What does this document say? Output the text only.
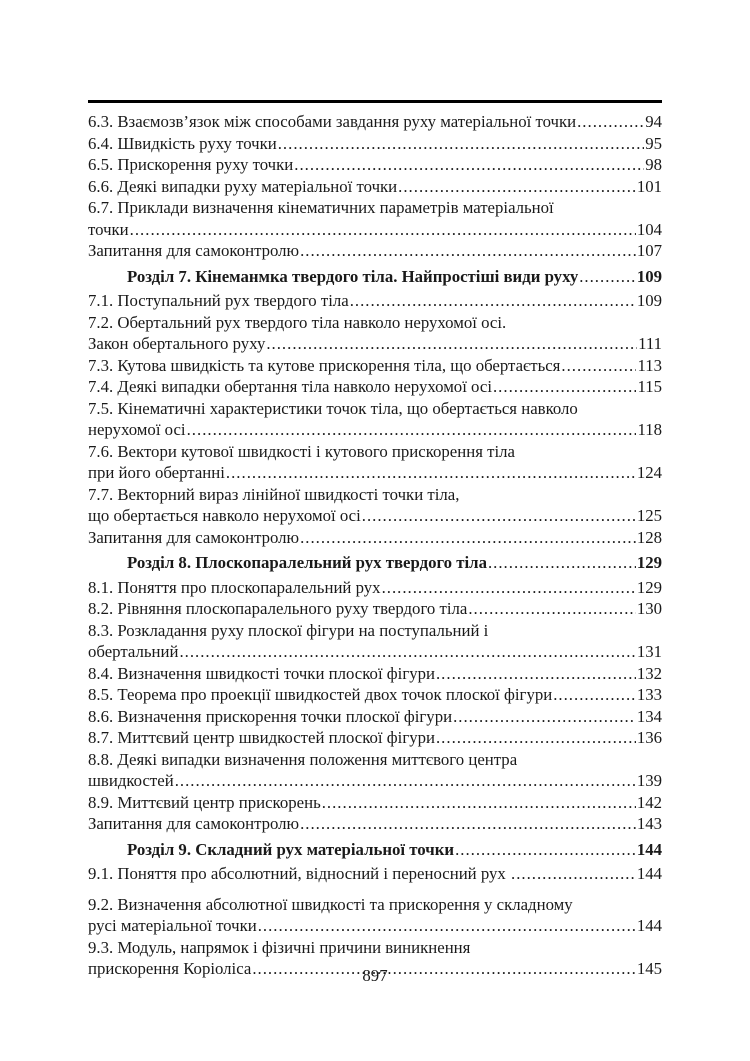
6.3. Взаємозв’язок між способами завдання руху матеріальної точки .....	94
6.4. Швидкість руху точки .....	95
6.5. Прискорення руху точки .....	98
6.6. Деякі випадки руху матеріальної точки .....	101
6.7. Приклади визначення кінематичних параметрів матеріальної
точки .....	104
Запитання для самоконтролю .....	107
Розділ 7. Кінеманмка твердого тіла. Найпростіші види руху .....	109
7.1. Поступальний рух твердого тіла .....	109
7.2. Обертальний рух твердого тіла навколо нерухомої осі.
Закон обертального руху .....	111
7.3. Кутова швидкість та кутове прискорення тіла, що обертається .....	113
7.4. Деякі випадки обертання тіла навколо нерухомої осі .....	115
7.5. Кінематичні характеристики точок тіла, що обертається навколо
нерухомої осі .....	118
7.6. Вектори кутової швидкості і кутового прискорення тіла
при його обертанні .....	124
7.7. Векторний вираз лінійної швидкості точки тіла,
що обертається навколо нерухомої осі .....	125
Запитання для самоконтролю .....	128
Розділ 8. Плоскопаралельний рух твердого тіла .....	129
8.1. Поняття про плоскопаралельний рух .....	129
8.2. Рівняння плоскопаралельного руху твердого тіла .....	130
8.3. Розкладання руху плоскої фігури на поступальний і
обертальний .....	131
8.4. Визначення швидкості точки плоскої фігури .....	132
8.5. Теорема про проекції швидкостей двох точок плоскої фігури .....	133
8.6. Визначення прискорення точки плоскої фігури .....	134
8.7. Миттєвий центр швидкостей плоскої фігури .....	136
8.8. Деякі випадки визначення положення миттєвого центра
швидкостей .....	139
8.9. Миттєвий центр прискорень .....	142
Запитання для самоконтролю .....	143
Розділ 9. Складний рух матеріальної точки .....	144
9.1. Поняття про абсолютний, відносний і переносний рух .....	144
9.2. Визначення абсолютної швидкості та прискорення у складному
русі матеріальної точки .....	144
9.3. Модуль, напрямок і фізичні причини виникнення
прискорення Коріоліса .....	145
897
